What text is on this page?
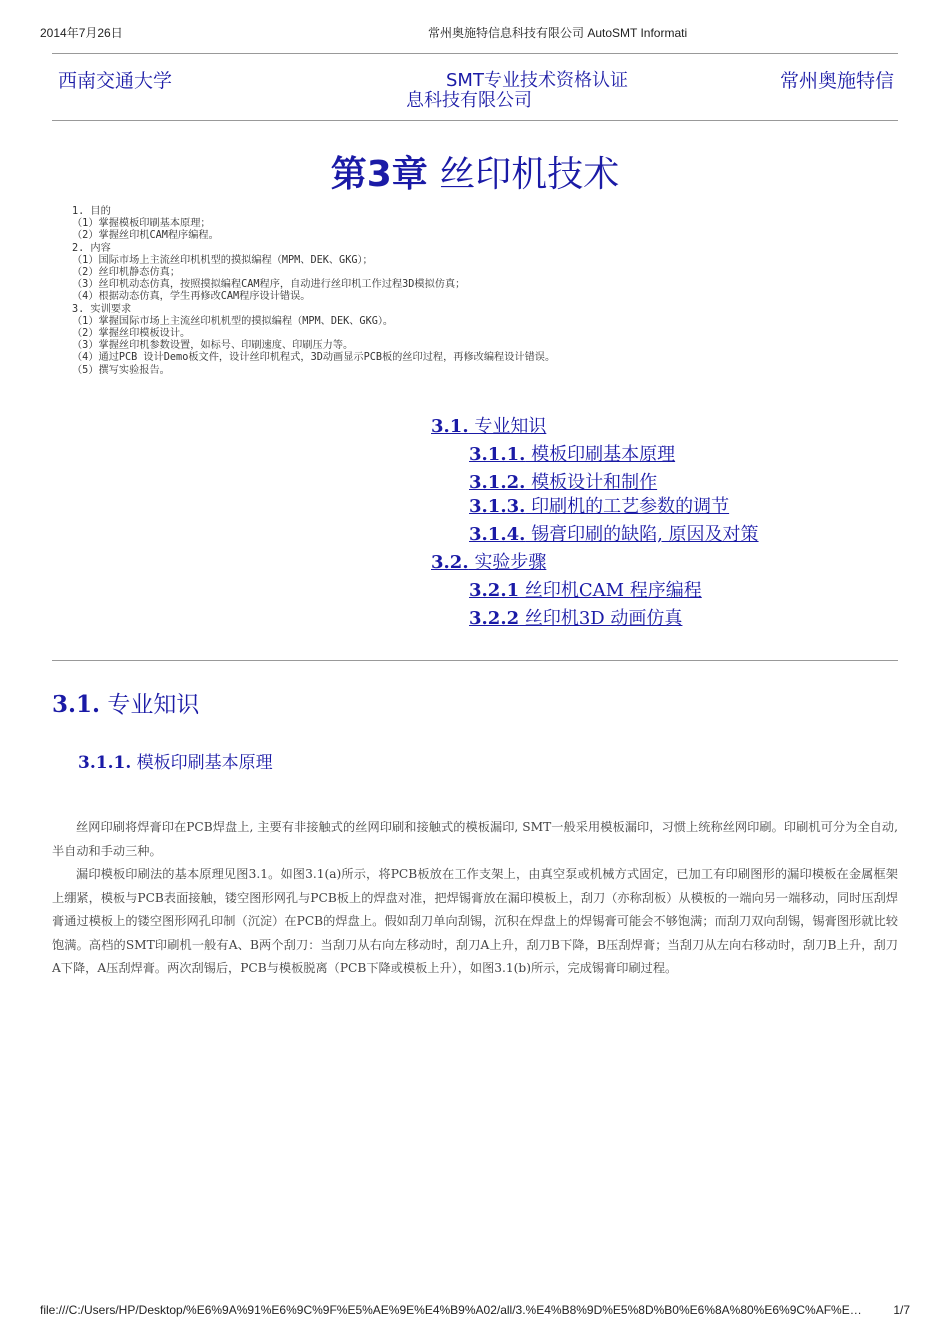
2014年7月26日	常州奥施特信息科技有限公司 AutoSMT Informati
西南交通大学	SMT专业技术资格认证	常州奥施特信
息科技有限公司
第3章 丝印机技术
1. 目的
（1）掌握模板印刷基本原理；
（2）掌握丝印机CAM程序编程。
2. 内容
（1）国际市场上主流丝印机机型的摸拟编程（MPM、DEK、GKG）；
（2）丝印机静态仿真；
（3）丝印机动态仿真，按照摸拟编程CAM程序，自动进行丝印机工作过程3D模拟仿真；
（4）根据动态仿真，学生再修改CAM程序设计错误。
3. 实训要求
（1）掌握国际市场上主流丝印机机型的摸拟编程（MPM、DEK、GKG）。
（2）掌握丝印模板设计。
（3）掌握丝印机参数设置，如标号、印刷速度、印刷压力等。
（4）通过PCB 设计Demo板文件，设计丝印机程式，3D动画显示PCB板的丝印过程，再修改编程设计错误。
（5）撰写实验报告。
3.1. 专业知识
3.1.1. 模板印刷基本原理
3.1.2. 模板设计和制作
3.1.3. 印刷机的工艺参数的调节
3.1.4. 锡膏印刷的缺陷, 原因及对策
3.2. 实验步骤
3.2.1 丝印机CAM 程序编程
3.2.2 丝印机3D 动画仿真
3.1. 专业知识
3.1.1. 模板印刷基本原理

丝网印刷将焊膏印在PCB焊盘上, 主要有非接触式的丝网印刷和接触式的模板漏印, SMT一般采用模板漏印，习惯上统称丝网印刷。印刷机可分为全自动,半自动和手动三种。

漏印模板印刷法的基本原理见图3.1。如图3.1(a)所示，将PCB板放在工作支架上，由真空泵或机械方式固定，已加工有印刷图形的漏印模板在金属框架上绷紧，模板与PCB表面接触，镂空图形网孔与PCB板上的焊盘对准，把焊锡膏放在漏印模板上，刮刀（亦称刮板）从模板的一端向另一端移动，同时压刮焊膏通过模板上的镂空图形网孔印制（沉淀）在PCB的焊盘上。假如刮刀单向刮锡，沉积在焊盘上的焊锡膏可能会不够饱满；而刮刀双向刮锡，锡膏图形就比较饱满。高档的SMT印刷机一般有A、B两个刮刀：当刮刀从右向左移动时，刮刀A上升，刮刀B下降，B压刮焊膏；当刮刀从左向右移动时，刮刀B上升，刮刀A下降，A压刮焊膏。两次刮锡后，PCB与模板脱离（PCB下降或模板上升），如图3.1(b)所示，完成锡膏印刷过程。

file:///C:/Users/HP/Desktop/%E6%9A%91%E6%9C%9F%E5%AE%9E%E4%B9%A02/all/3.%E4%B8%9D%E5%8D%B0%E6%8A%80%E6%9C%AF%E…	1/7
